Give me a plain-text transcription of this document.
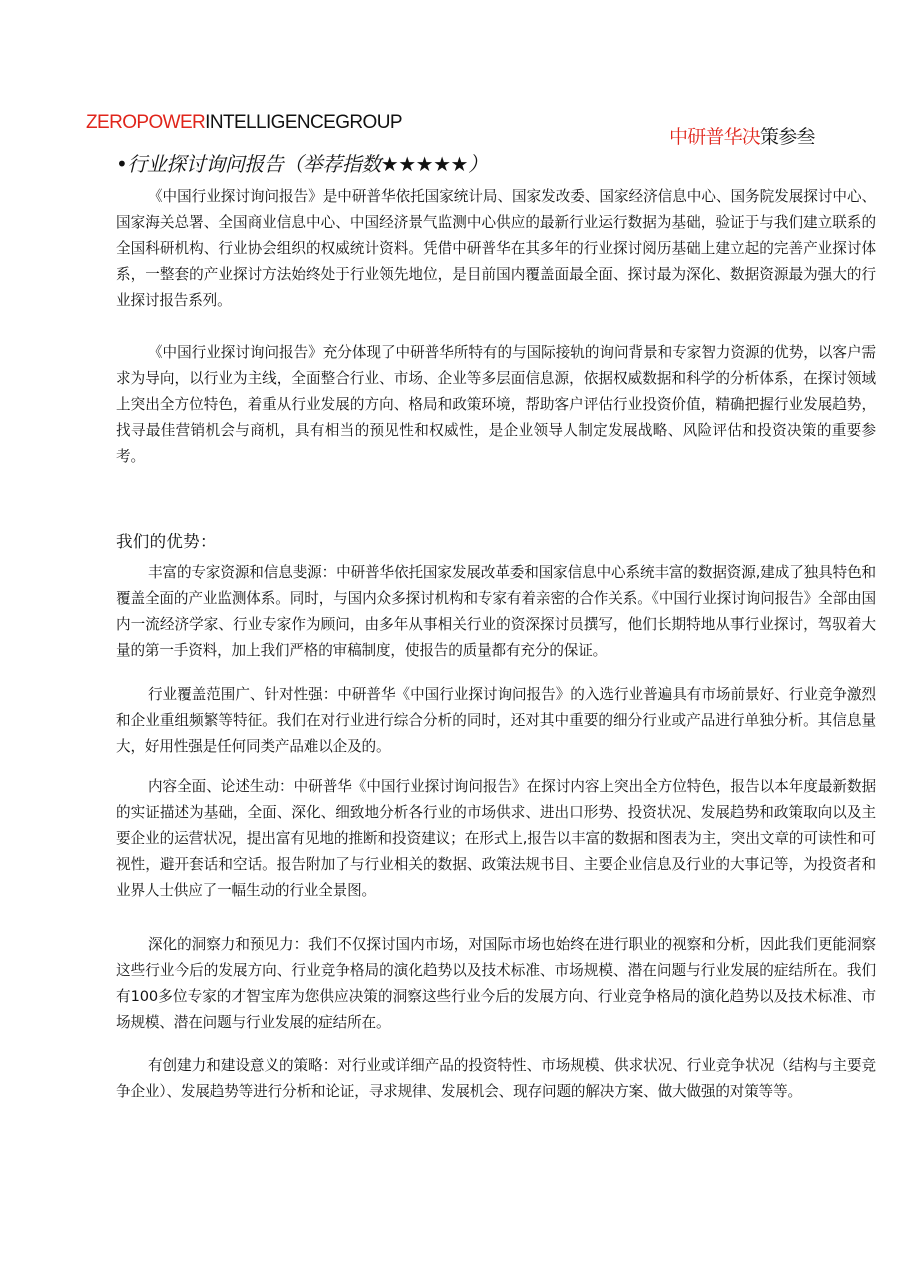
ZEROPOWERINTELLIGENCEGROUP
中研普华决策参叁
•行业探讨询问报告（举荐指数★★★★★）

《中国行业探讨询问报告》是中研普华依托国家统计局、国家发改委、国家经济信息中心、国务院发展探讨中心、国家海关总署、全国商业信息中心、中国经济景气监测中心供应的最新行业运行数据为基础，验证于与我们建立联系的全国科研机构、行业协会组织的权威统计资料。凭借中研普华在其多年的行业探讨阅历基础上建立起的完善产业探讨体系，一整套的产业探讨方法始终处于行业领先地位，是目前国内覆盖面最全面、探讨最为深化、数据资源最为强大的行业探讨报告系列。

《中国行业探讨询问报告》充分体现了中研普华所特有的与国际接轨的询问背景和专家智力资源的优势，以客户需求为导向，以行业为主线，全面整合行业、市场、企业等多层面信息源，依据权威数据和科学的分析体系，在探讨领域上突出全方位特色，着重从行业发展的方向、格局和政策环境，帮助客户评估行业投资价值，精确把握行业发展趋势，找寻最佳营销机会与商机，具有相当的预见性和权威性，是企业领导人制定发展战略、风险评估和投资决策的重要参考。

我们的优势：

丰富的专家资源和信息斐源：中研普华依托国家发展改革委和国家信息中心系统丰富的数据资源,建成了独具特色和覆盖全面的产业监测体系。同时，与国内众多探讨机构和专家有着亲密的合作关系。《中国行业探讨询问报告》全部由国内一流经济学家、行业专家作为顾问，由多年从事相关行业的资深探讨员撰写，他们长期特地从事行业探讨，驾驭着大量的第一手资料，加上我们严格的审稿制度，使报告的质量都有充分的保证。

行业覆盖范围广、针对性强：中研普华《中国行业探讨询问报告》的入选行业普遍具有市场前景好、行业竞争激烈和企业重组频繁等特征。我们在对行业进行综合分析的同时，还对其中重要的细分行业或产品进行单独分析。其信息量大，好用性强是任何同类产品难以企及的。

内容全面、论述生动：中研普华《中国行业探讨询问报告》在探讨内容上突出全方位特色，报告以本年度最新数据的实证描述为基础，全面、深化、细致地分析各行业的市场供求、进出口形势、投资状况、发展趋势和政策取向以及主要企业的运营状况，提出富有见地的推断和投资建议；在形式上,报告以丰富的数据和图表为主，突出文章的可读性和可视性，避开套话和空话。报告附加了与行业相关的数据、政策法规书目、主要企业信息及行业的大事记等，为投资者和业界人士供应了一幅生动的行业全景图。

深化的洞察力和预见力：我们不仅探讨国内市场，对国际市场也始终在进行职业的视察和分析，因此我们更能洞察这些行业今后的发展方向、行业竞争格局的演化趋势以及技术标准、市场规模、潜在问题与行业发展的症结所在。我们有100多位专家的才智宝库为您供应决策的洞察这些行业今后的发展方向、行业竞争格局的演化趋势以及技术标准、市场规模、潜在问题与行业发展的症结所在。

有创建力和建设意义的策略：对行业或详细产品的投资特性、市场规模、供求状况、行业竞争状况（结构与主要竞争企业）、发展趋势等进行分析和论证，寻求规律、发展机会、现存问题的解决方案、做大做强的对策等等。
